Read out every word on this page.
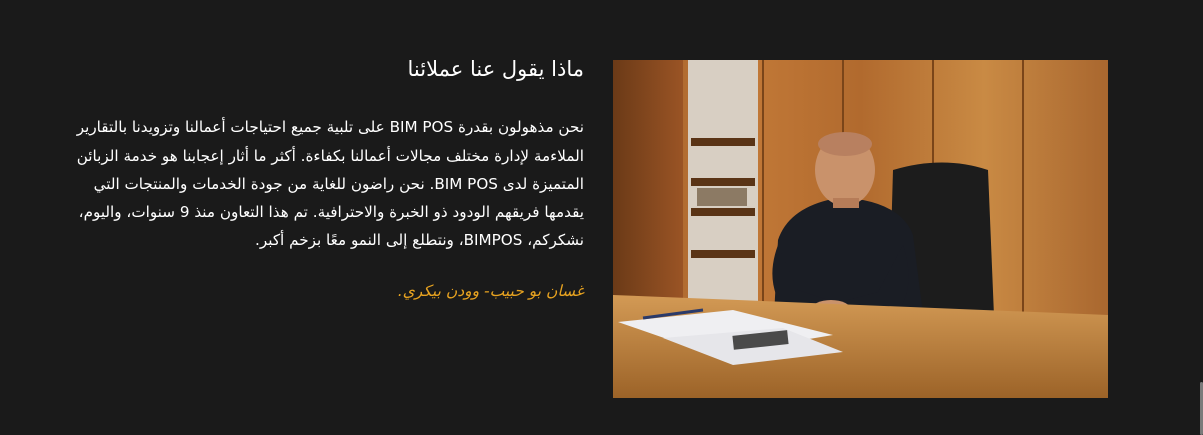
ماذا يقول عنا عملائنا

نحن مذهولون بقدرة BIM POS على تلبية جميع احتياجات أعمالنا وتزويدنا بالتقارير الملاءمة لإدارة مختلف مجالات أعمالنا بكفاءة. أكثر ما أثار إعجابنا هو خدمة الزبائن المتميزة لدى BIM POS. نحن راضون للغاية من جودة الخدمات والمنتجات التي يقدمها فريقهم الودود ذو الخبرة والاحترافية. تم هذا التعاون منذ 9 سنوات، واليوم، نشكركم، BIMPOS، ونتطلع إلى النمو معًا بزخم أكبر.

غسان بو حبيب- وودن بيكري.
